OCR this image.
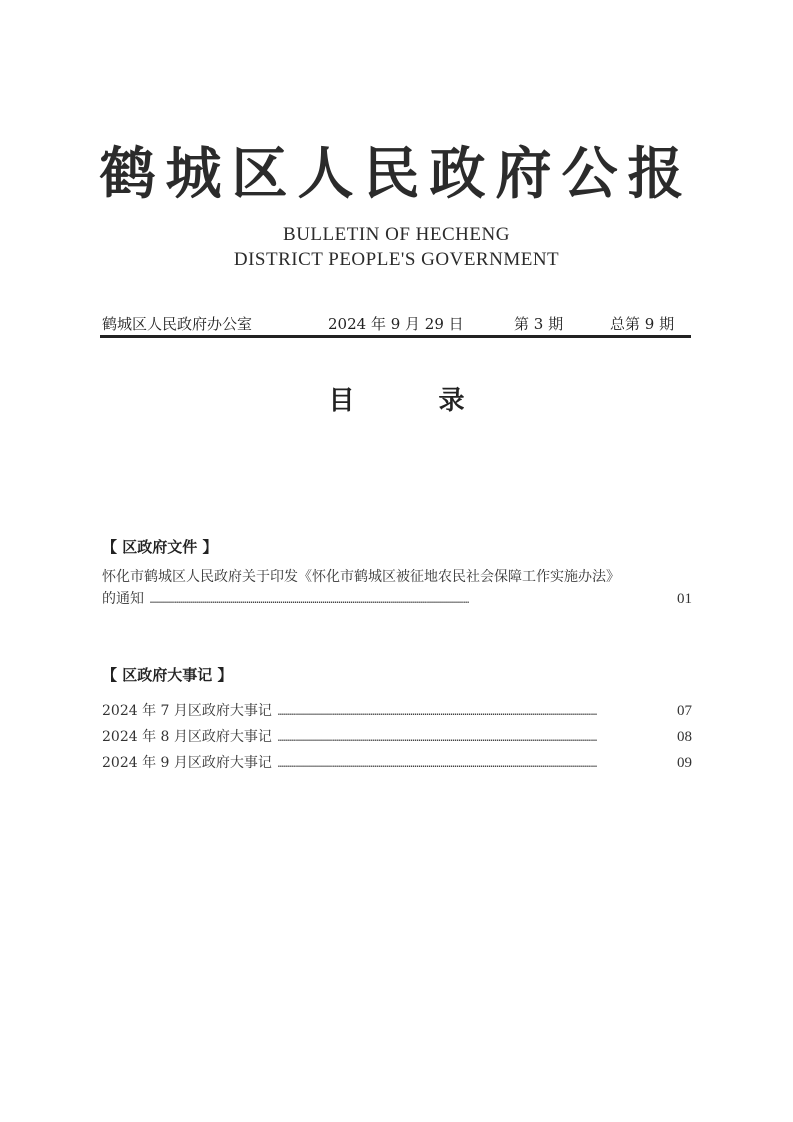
鹤城区人民政府公报
BULLETIN OF HECHENG
DISTRICT PEOPLE'S GOVERNMENT
鹤城区人民政府办公室	2024 年 9 月 29 日	第 3 期	总第 9 期
目	录
【 区政府文件 】
怀化市鹤城区人民政府关于印发《怀化市鹤城区被征地农民社会保障工作实施办法》
的通知 ……………………………………………………………………………………………………………………………………………	01
【 区政府大事记 】
2024 年 7 月区政府大事记 ……………………………………………………………………………………………………………………………………………	07
2024 年 8 月区政府大事记 ……………………………………………………………………………………………………………………………………………	08
2024 年 9 月区政府大事记 ……………………………………………………………………………………………………………………………………………	09
